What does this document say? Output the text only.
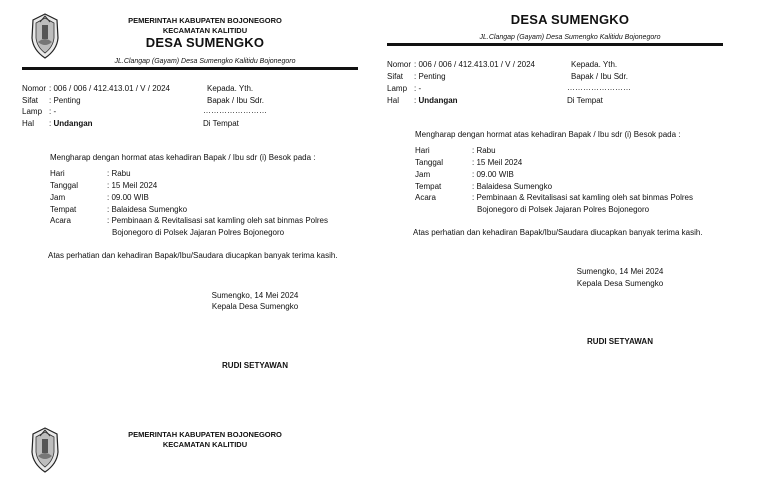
PEMERINTAH KABUPATEN BOJONEGORO
KECAMATAN KALITIDU
DESA SUMENGKO
JL.Clangap (Gayam) Desa Sumengko Kalitidu Bojonegoro
Nomor : 006 / 006 / 412.413.01 / V / 2024
Sifat : Penting
Lamp : -
Hal : Undangan
Kepada. Yth.
Bapak / Ibu Sdr.
……………………
Di Tempat
Mengharap dengan hormat atas kehadiran Bapak / Ibu sdr (i) Besok pada :
Hari	: Rabu
Tanggal	: 15 Meil 2024
Jam	: 09.00 WIB
Tempat	: Balaidesa Sumengko
Acara	: Pembinaan & Revitalisasi sat kamling oleh sat binmas Polres
Bojonegoro di Polsek Jajaran Polres Bojonegoro
Atas perhatian dan kehadiran Bapak/Ibu/Saudara diucapkan banyak terima kasih.
Sumengko, 14 Mei 2024
Kepala Desa Sumengko
RUDI SETYAWAN
DESA SUMENGKO
JL.Clangap (Gayam) Desa Sumengko Kalitidu Bojonegoro
Nomor : 006 / 006 / 412.413.01 / V / 2024
Sifat : Penting
Lamp : -
Hal : Undangan
Kepada. Yth.
Bapak / Ibu Sdr.
……………………
Di Tempat
Mengharap dengan hormat atas kehadiran Bapak / Ibu sdr (i) Besok pada :
Hari	: Rabu
Tanggal	: 15 Meil 2024
Jam	: 09.00 WIB
Tempat	: Balaidesa Sumengko
Acara	: Pembinaan & Revitalisasi sat kamling oleh sat binmas Polres
Bojonegoro di Polsek Jajaran Polres Bojonegoro
Atas perhatian dan kehadiran Bapak/Ibu/Saudara diucapkan banyak terima kasih.
Sumengko, 14 Mei 2024
Kepala Desa Sumengko
RUDI SETYAWAN
PEMERINTAH KABUPATEN BOJONEGORO
KECAMATAN KALITIDU
